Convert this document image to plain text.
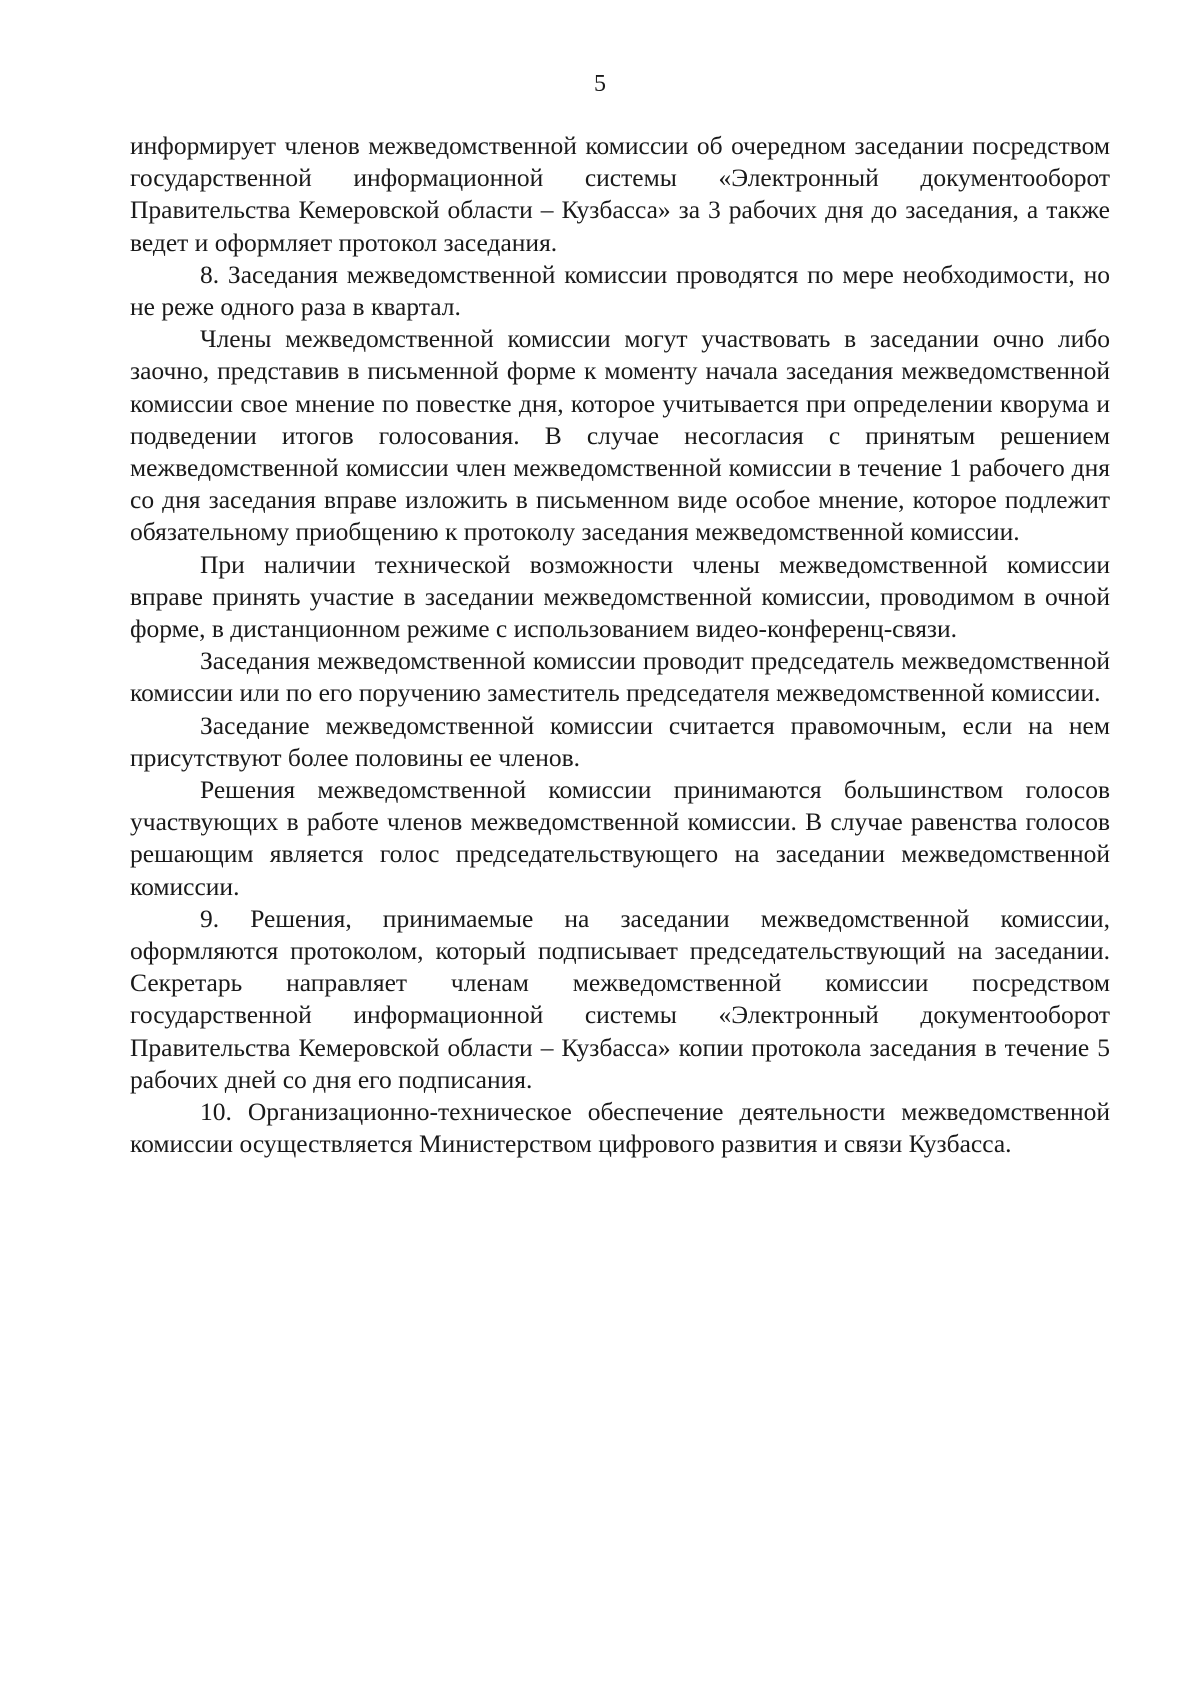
5

информирует членов межведомственной комиссии об очередном заседании посредством государственной информационной системы «Электронный документооборот Правительства Кемеровской области – Кузбасса» за 3 рабочих дня до заседания, а также ведет и оформляет протокол заседания.

8. Заседания межведомственной комиссии проводятся по мере необходимости, но не реже одного раза в квартал.

Члены межведомственной комиссии могут участвовать в заседании очно либо заочно, представив в письменной форме к моменту начала заседания межведомственной комиссии свое мнение по повестке дня, которое учитывается при определении кворума и подведении итогов голосования. В случае несогласия с принятым решением межведомственной комиссии член межведомственной комиссии в течение 1 рабочего дня со дня заседания вправе изложить в письменном виде особое мнение, которое подлежит обязательному приобщению к протоколу заседания межведомственной комиссии.

При наличии технической возможности члены межведомственной комиссии вправе принять участие в заседании межведомственной комиссии, проводимом в очной форме, в дистанционном режиме с использованием видео-конференц-связи.

Заседания межведомственной комиссии проводит председатель межведомственной комиссии или по его поручению заместитель председателя межведомственной комиссии.

Заседание межведомственной комиссии считается правомочным, если на нем присутствуют более половины ее членов.

Решения межведомственной комиссии принимаются большинством голосов участвующих в работе членов межведомственной комиссии. В случае равенства голосов решающим является голос председательствующего на заседании межведомственной комиссии.

9. Решения, принимаемые на заседании межведомственной комиссии, оформляются протоколом, который подписывает председательствующий на заседании. Секретарь направляет членам межведомственной комиссии посредством государственной информационной системы «Электронный документооборот Правительства Кемеровской области – Кузбасса» копии протокола заседания в течение 5 рабочих дней со дня его подписания.

10. Организационно-техническое обеспечение деятельности межведомственной комиссии осуществляется Министерством цифрового развития и связи Кузбасса.
